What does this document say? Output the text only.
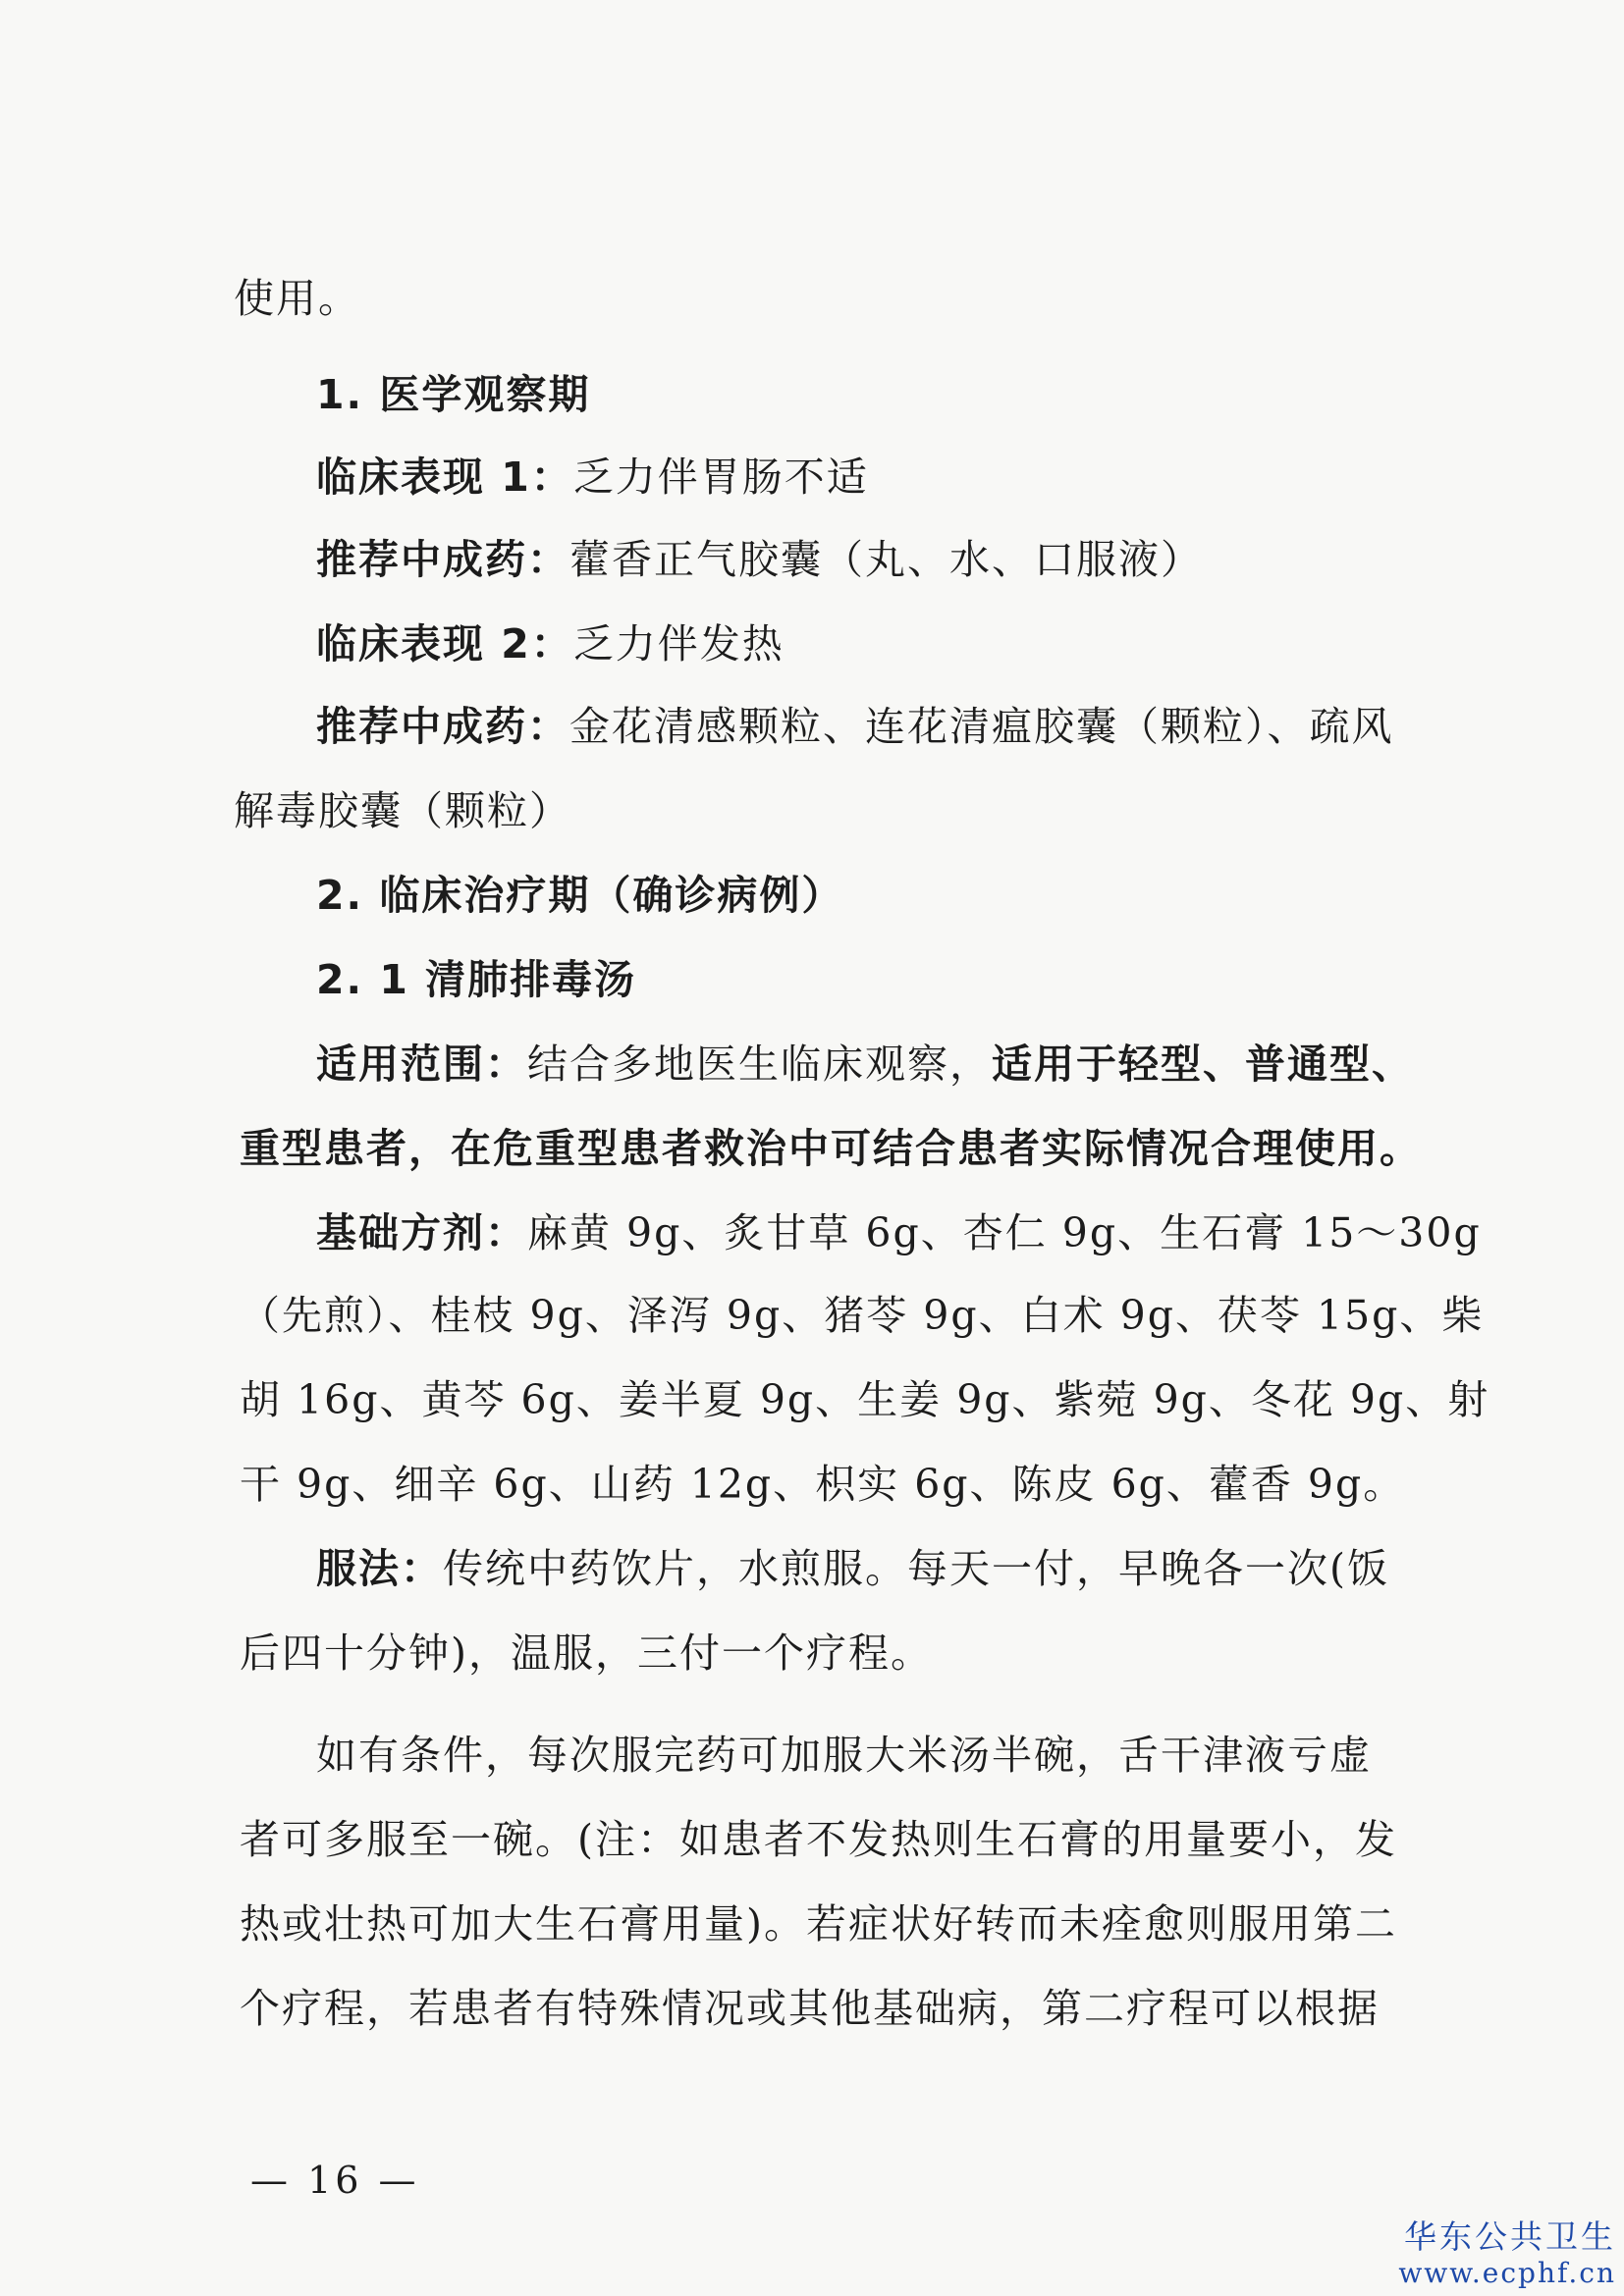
使用。
1. 医学观察期
临床表现 1：乏力伴胃肠不适
推荐中成药：藿香正气胶囊（丸、水、口服液）
临床表现 2：乏力伴发热
推荐中成药：金花清感颗粒、连花清瘟胶囊（颗粒）、疏风
解毒胶囊（颗粒）
2. 临床治疗期（确诊病例）
2. 1 清肺排毒汤
适用范围：结合多地医生临床观察，适用于轻型、普通型、
重型患者，在危重型患者救治中可结合患者实际情况合理使用。
基础方剂：麻黄 9g、炙甘草 6g、杏仁 9g、生石膏 15～30g
（先煎）、桂枝 9g、泽泻 9g、猪苓 9g、白术 9g、茯苓 15g、柴
胡 16g、黄芩 6g、姜半夏 9g、生姜 9g、紫菀 9g、冬花 9g、射
干 9g、细辛 6g、山药 12g、枳实 6g、陈皮 6g、藿香 9g。
服法：传统中药饮片，水煎服。每天一付，早晚各一次(饭
后四十分钟)，温服，三付一个疗程。
如有条件，每次服完药可加服大米汤半碗，舌干津液亏虚
者可多服至一碗。(注：如患者不发热则生石膏的用量要小，发
热或壮热可加大生石膏用量)。若症状好转而未痊愈则服用第二
个疗程，若患者有特殊情况或其他基础病，第二疗程可以根据
— 16 —
华东公共卫生
www.ecphf.cn
